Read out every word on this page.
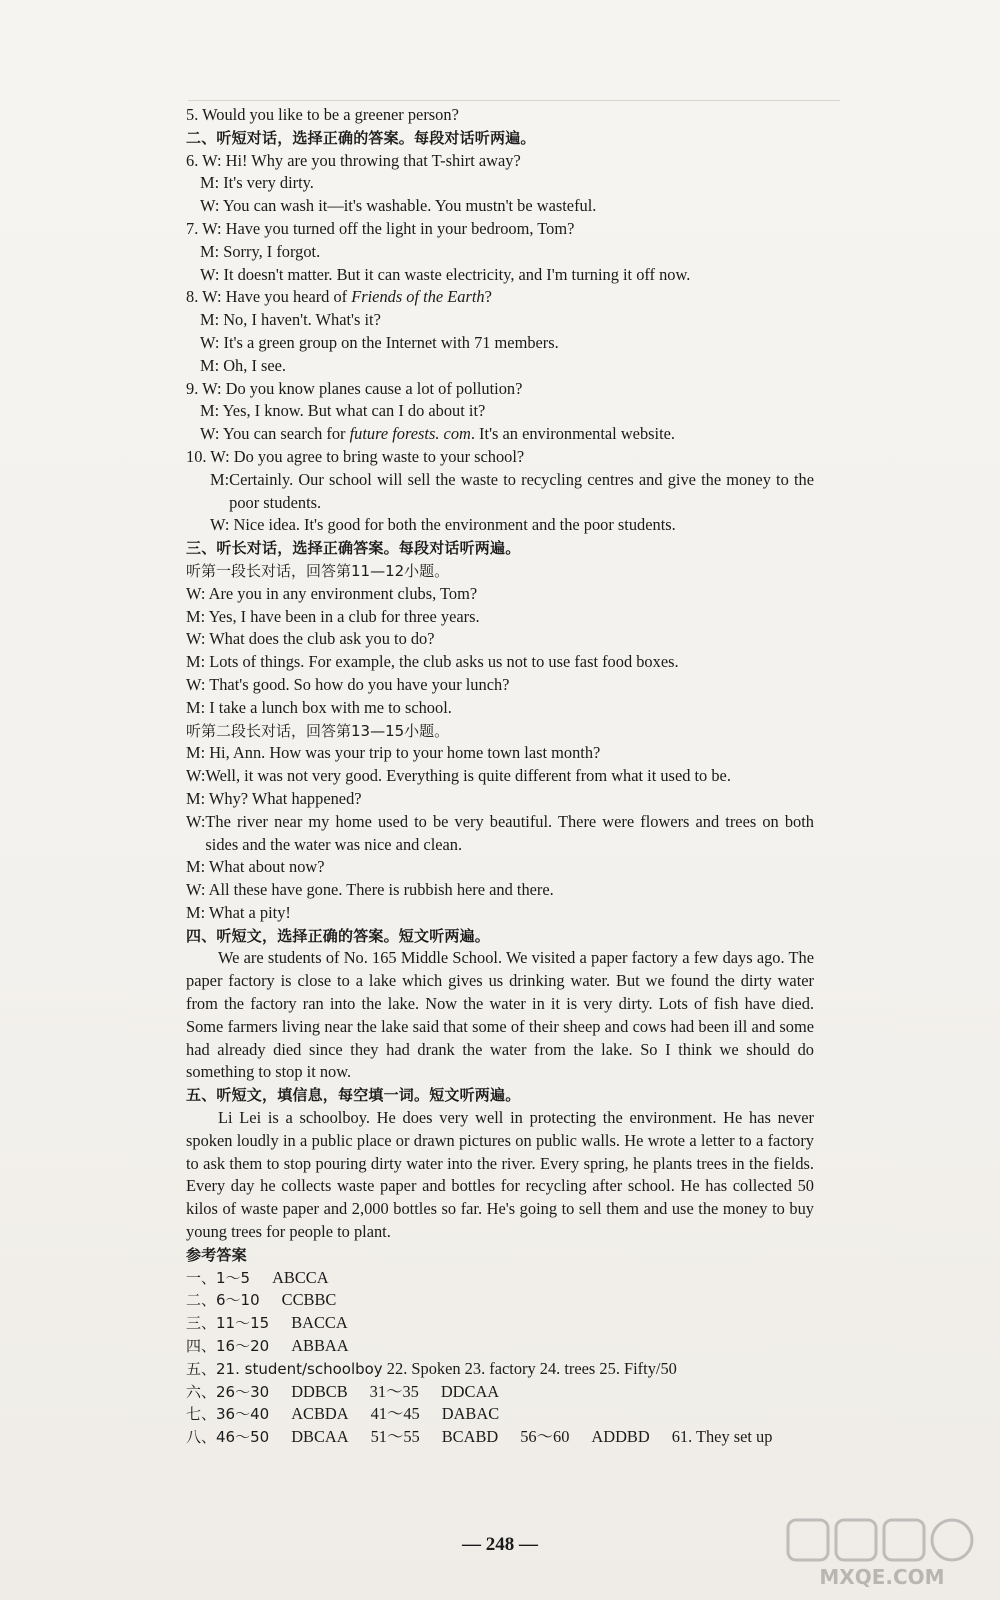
5. Would you like to be a greener person?
二、听短对话，选择正确的答案。每段对话听两遍。
6. W: Hi! Why are you throwing that T-shirt away?
M: It's very dirty.
W: You can wash it—it's washable. You mustn't be wasteful.
7. W: Have you turned off the light in your bedroom, Tom?
M: Sorry, I forgot.
W: It doesn't matter. But it can waste electricity, and I'm turning it off now.
8. W: Have you heard of Friends of the Earth?
M: No, I haven't. What's it?
W: It's a green group on the Internet with 71 members.
M: Oh, I see.
9. W: Do you know planes cause a lot of pollution?
M: Yes, I know. But what can I do about it?
W: You can search for future forests. com. It's an environmental website.
10. W: Do you agree to bring waste to your school?
M: Certainly. Our school will sell the waste to recycling centres and give the money to the poor students.
W: Nice idea. It's good for both the environment and the poor students.
三、听长对话，选择正确答案。每段对话听两遍。
听第一段长对话，回答第11—12小题。
W: Are you in any environment clubs, Tom?
M: Yes, I have been in a club for three years.
W: What does the club ask you to do?
M: Lots of things. For example, the club asks us not to use fast food boxes.
W: That's good. So how do you have your lunch?
M: I take a lunch box with me to school.
听第二段长对话，回答第13—15小题。
M: Hi, Ann. How was your trip to your home town last month?
W: Well, it was not very good. Everything is quite different from what it used to be.
M: Why? What happened?
W: The river near my home used to be very beautiful. There were flowers and trees on both sides and the water was nice and clean.
M: What about now?
W: All these have gone. There is rubbish here and there.
M: What a pity!
四、听短文，选择正确的答案。短文听两遍。
We are students of No. 165 Middle School. We visited a paper factory a few days ago. The paper factory is close to a lake which gives us drinking water. But we found the dirty water from the factory ran into the lake. Now the water in it is very dirty. Lots of fish have died. Some farmers living near the lake said that some of their sheep and cows had been ill and some had already died since they had drank the water from the lake. So I think we should do something to stop it now.
五、听短文，填信息，每空填一词。短文听两遍。
Li Lei is a schoolboy. He does very well in protecting the environment. He has never spoken loudly in a public place or drawn pictures on public walls. He wrote a letter to a factory to ask them to stop pouring dirty water into the river. Every spring, he plants trees in the fields. Every day he collects waste paper and bottles for recycling after school. He has collected 50 kilos of waste paper and 2,000 bottles so far. He's going to sell them and use the money to buy young trees for people to plant.
参考答案
一、1～5 ABCCA
二、6～10 CCBBC
三、11～15 BACCA
四、16～20 ABBAA
五、21. student/schoolboy 22. Spoken 23. factory 24. trees 25. Fifty/50
六、26～30 DDBCB 31～35 DDCAA
七、36～40 ACBDA 41～45 DABAC
八、46～50 DBCAA 51～55 BCABD 56～60 ADDBD 61. They set up
— 248 —
MXQE.COM
